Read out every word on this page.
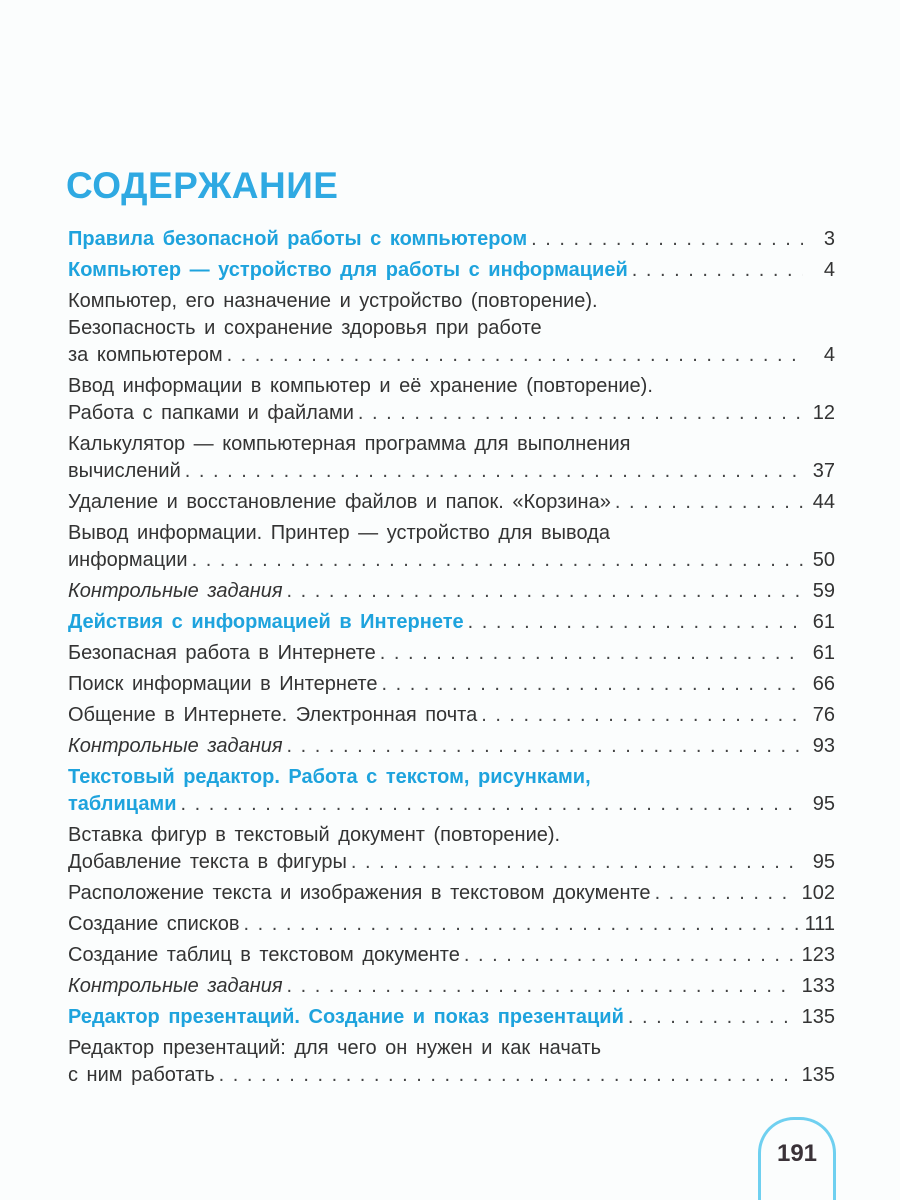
СОДЕРЖАНИЕ
Правила безопасной работы с компьютером . . .	3
Компьютер — устройство для работы с информацией . . .	4
Компьютер, его назначение и устройство (повторение).
Безопасность и сохранение здоровья при работе
за компьютером . . .	4
Ввод информации в компьютер и её хранение (повторение).
Работа с папками и файлами . . .	12
Калькулятор — компьютерная программа для выполнения
вычислений . . .	37
Удаление и восстановление файлов и папок. «Корзина» . . .	44
Вывод информации. Принтер — устройство для вывода
информации . . .	50
Контрольные задания . . .	59
Действия с информацией в Интернете . . .	61
Безопасная работа в Интернете . . .	61
Поиск информации в Интернете . . .	66
Общение в Интернете. Электронная почта . . .	76
Контрольные задания . . .	93
Текстовый редактор. Работа с текстом, рисунками,
таблицами . . .	95
Вставка фигур в текстовый документ (повторение).
Добавление текста в фигуры . . .	95
Расположение текста и изображения в текстовом документе . . .	102
Создание списков . . .	111
Создание таблиц в текстовом документе . . .	123
Контрольные задания . . .	133
Редактор презентаций. Создание и показ презентаций . . .	135
Редактор презентаций: для чего он нужен и как начать
с ним работать . . .	135
191
